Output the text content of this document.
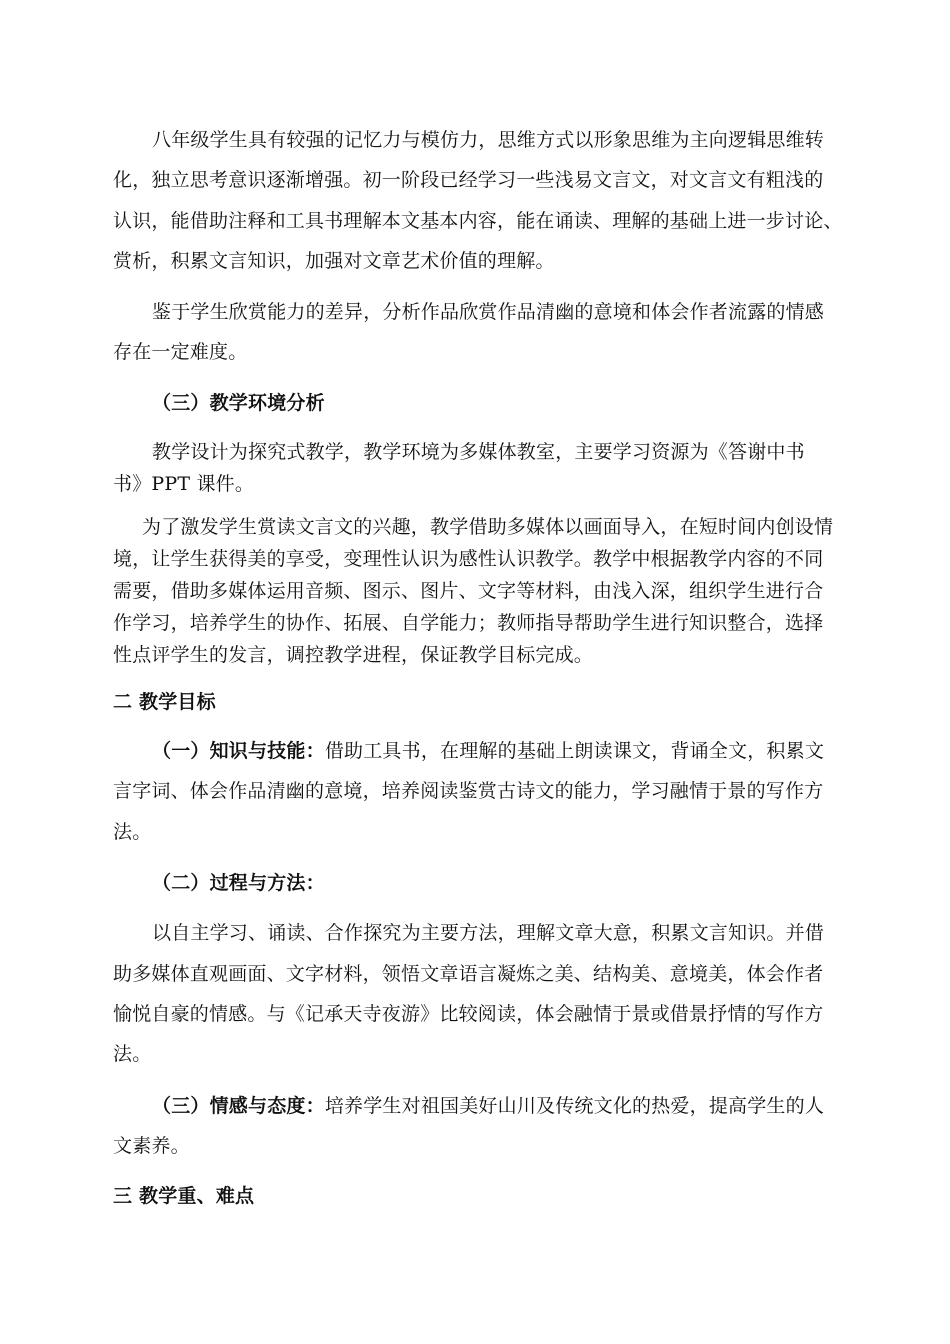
八年级学生具有较强的记忆力与模仿力，思维方式以形象思维为主向逻辑思维转
化，独立思考意识逐渐增强。初一阶段已经学习一些浅易文言文，对文言文有粗浅的
认识，能借助注释和工具书理解本文基本内容，能在诵读、理解的基础上进一步讨论、
赏析，积累文言知识，加强对文章艺术价值的理解。
鉴于学生欣赏能力的差异，分析作品欣赏作品清幽的意境和体会作者流露的情感
存在一定难度。
（三）教学环境分析
教学设计为探究式教学，教学环境为多媒体教室，主要学习资源为《答谢中书
书》PPT 课件。
为了激发学生赏读文言文的兴趣，教学借助多媒体以画面导入，在短时间内创设情
境，让学生获得美的享受，变理性认识为感性认识教学。教学中根据教学内容的不同
需要，借助多媒体运用音频、图示、图片、文字等材料，由浅入深，组织学生进行合
作学习，培养学生的协作、拓展、自学能力；教师指导帮助学生进行知识整合，选择
性点评学生的发言，调控教学进程，保证教学目标完成。
二 教学目标
（一）知识与技能：借助工具书，在理解的基础上朗读课文，背诵全文，积累文
言字词、体会作品清幽的意境，培养阅读鉴赏古诗文的能力，学习融情于景的写作方
法。
（二）过程与方法：
以自主学习、诵读、合作探究为主要方法，理解文章大意，积累文言知识。并借
助多媒体直观画面、文字材料，领悟文章语言凝炼之美、结构美、意境美，体会作者
愉悦自豪的情感。与《记承天寺夜游》比较阅读，体会融情于景或借景抒情的写作方
法。
（三）情感与态度：培养学生对祖国美好山川及传统文化的热爱，提高学生的人
文素养。
三 教学重、难点
